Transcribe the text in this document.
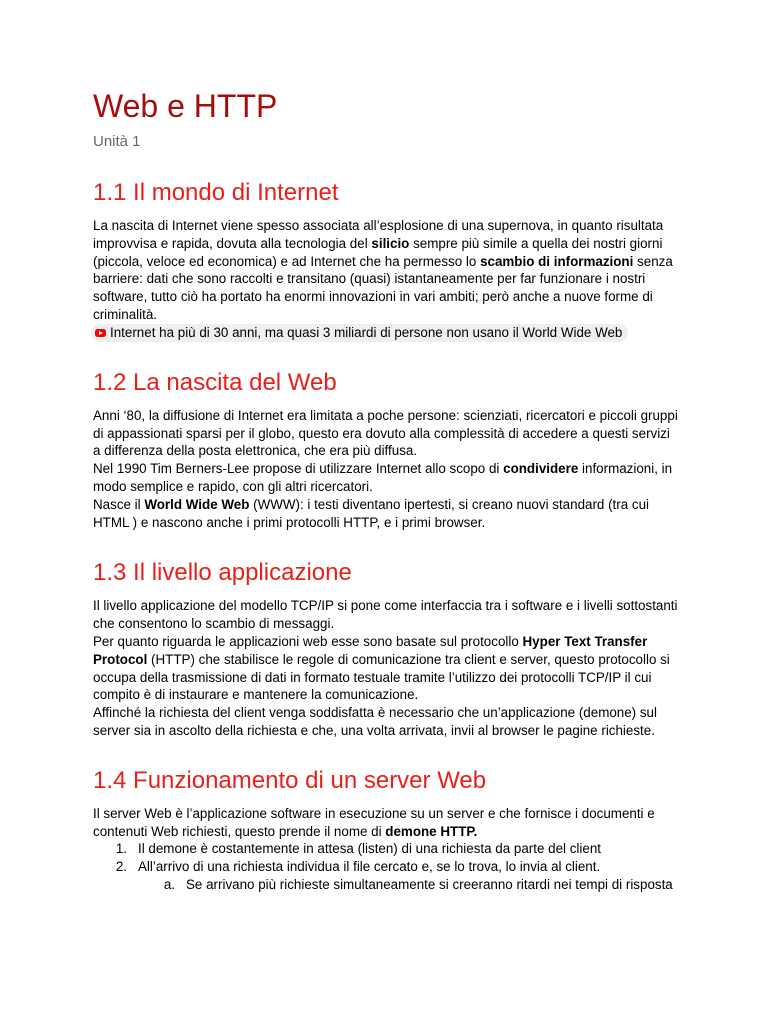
Web e HTTP
Unità 1
1.1 Il mondo di Internet

La nascita di Internet viene spesso associata all’esplosione di una supernova, in quanto risultata improvvisa e rapida, dovuta alla tecnologia del silicio sempre più simile a quella dei nostri giorni (piccola, veloce ed economica) e ad Internet che ha permesso lo scambio di informazioni senza barriere: dati che sono raccolti e transitano (quasi) istantaneamente per far funzionare i nostri software, tutto ciò ha portato ha enormi innovazioni in vari ambiti; però anche a nuove forme di criminalità.

Internet ha più di 30 anni, ma quasi 3 miliardi di persone non usano il World Wide Web
1.2 La nascita del Web

Anni ‘80, la diffusione di Internet era limitata a poche persone: scienziati, ricercatori e piccoli gruppi di appassionati sparsi per il globo, questo era dovuto alla complessità di accedere a questi servizi a differenza della posta elettronica, che era più diffusa.

Nel 1990 Tim Berners-Lee propose di utilizzare Internet allo scopo di condividere informazioni, in modo semplice e rapido, con gli altri ricercatori.

Nasce il World Wide Web (WWW): i testi diventano ipertesti, si creano nuovi standard (tra cui HTML ) e nascono anche i primi protocolli HTTP, e i primi browser.

1.3 Il livello applicazione

Il livello applicazione del modello TCP/IP si pone come interfaccia tra i software e i livelli sottostanti che consentono lo scambio di messaggi.

Per quanto riguarda le applicazioni web esse sono basate sul protocollo Hyper Text Transfer Protocol (HTTP) che stabilisce le regole di comunicazione tra client e server, questo protocollo si occupa della trasmissione di dati in formato testuale tramite l’utilizzo dei protocolli TCP/IP il cui compito è di instaurare e mantenere la comunicazione.

Affinché la richiesta del client venga soddisfatta è necessario che un’applicazione (demone) sul server sia in ascolto della richiesta e che, una volta arrivata, invii al browser le pagine richieste.

1.4 Funzionamento di un server Web

Il server Web è l’applicazione software in esecuzione su un server e che fornisce i documenti e contenuti Web richiesti, questo prende il nome di demone HTTP.

1. Il demone è costantemente in attesa (listen) di una richiesta da parte del client
2. All’arrivo di una richiesta individua il file cercato e, se lo trova, lo invia al client.
a. Se arrivano più richieste simultaneamente si creeranno ritardi nei tempi di risposta
